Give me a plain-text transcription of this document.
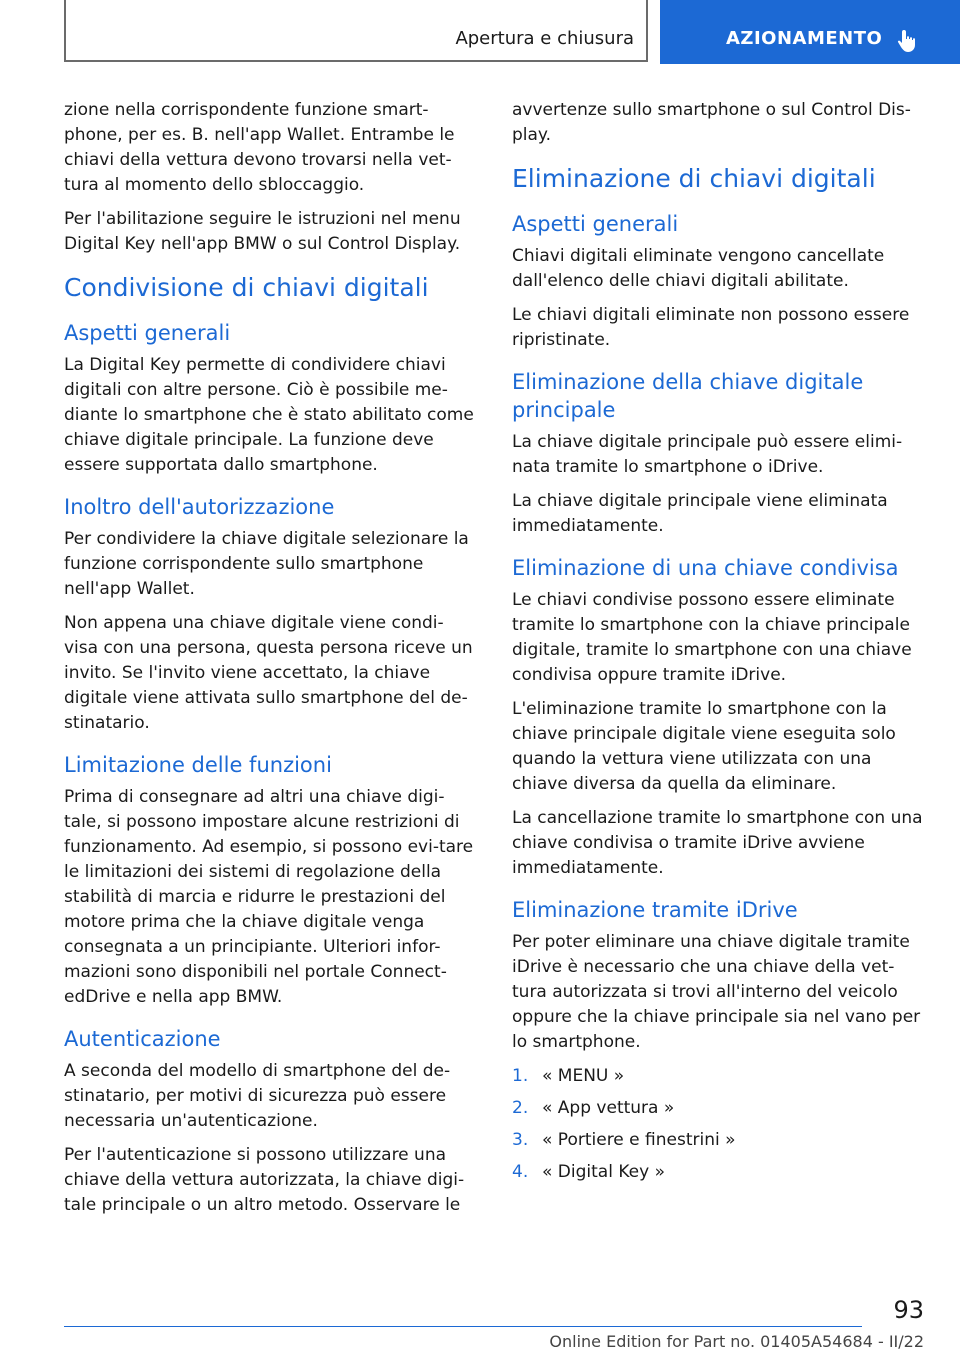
Apertura e chiusura	AZIONAMENTO

zione nella corrispondente funzione smart-phone, per es. B. nell'app Wallet. Entrambe le chiavi della vettura devono trovarsi nella vet-tura al momento dello sbloccaggio.

Per l'abilitazione seguire le istruzioni nel menu Digital Key nell'app BMW o sul Control Display.

Condivisione di chiavi digitali
Aspetti generali

La Digital Key permette di condividere chiavi digitali con altre persone. Ciò è possibile me-diante lo smartphone che è stato abilitato come chiave digitale principale. La funzione deve essere supportata dallo smartphone.

Inoltro dell'autorizzazione

Per condividere la chiave digitale selezionare la funzione corrispondente sullo smartphone nell'app Wallet.

Non appena una chiave digitale viene condi-visa con una persona, questa persona riceve un invito. Se l'invito viene accettato, la chiave digitale viene attivata sullo smartphone del de-stinatario.

Limitazione delle funzioni

Prima di consegnare ad altri una chiave digi-tale, si possono impostare alcune restrizioni di funzionamento. Ad esempio, si possono evi-tare le limitazioni dei sistemi di regolazione della stabilità di marcia e ridurre le prestazioni del motore prima che la chiave digitale venga consegnata a un principiante. Ulteriori infor-mazioni sono disponibili nel portale Connect-edDrive e nella app BMW.

Autenticazione

A seconda del modello di smartphone del de-stinatario, per motivi di sicurezza può essere necessaria un'autenticazione.

Per l'autenticazione si possono utilizzare una chiave della vettura autorizzata, la chiave digi-tale principale o un altro metodo. Osservare le

avvertenze sullo smartphone o sul Control Dis-play.

Eliminazione di chiavi digitali
Aspetti generali

Chiavi digitali eliminate vengono cancellate dall'elenco delle chiavi digitali abilitate.

Le chiavi digitali eliminate non possono essere ripristinate.

Eliminazione della chiave digitale principale

La chiave digitale principale può essere elimi-nata tramite lo smartphone o iDrive.

La chiave digitale principale viene eliminata immediatamente.

Eliminazione di una chiave condivisa

Le chiavi condivise possono essere eliminate tramite lo smartphone con la chiave principale digitale, tramite lo smartphone con una chiave condivisa oppure tramite iDrive.

L'eliminazione tramite lo smartphone con la chiave principale digitale viene eseguita solo quando la vettura viene utilizzata con una chiave diversa da quella da eliminare.

La cancellazione tramite lo smartphone con una chiave condivisa o tramite iDrive avviene immediatamente.

Eliminazione tramite iDrive

Per poter eliminare una chiave digitale tramite iDrive è necessario che una chiave della vet-tura autorizzata si trovi all'interno del veicolo oppure che la chiave principale sia nel vano per lo smartphone.

1. « MENU »
2. « App vettura »
3. « Portiere e finestrini »
4. « Digital Key »
93
Online Edition for Part no. 01405A54684 - II/22
